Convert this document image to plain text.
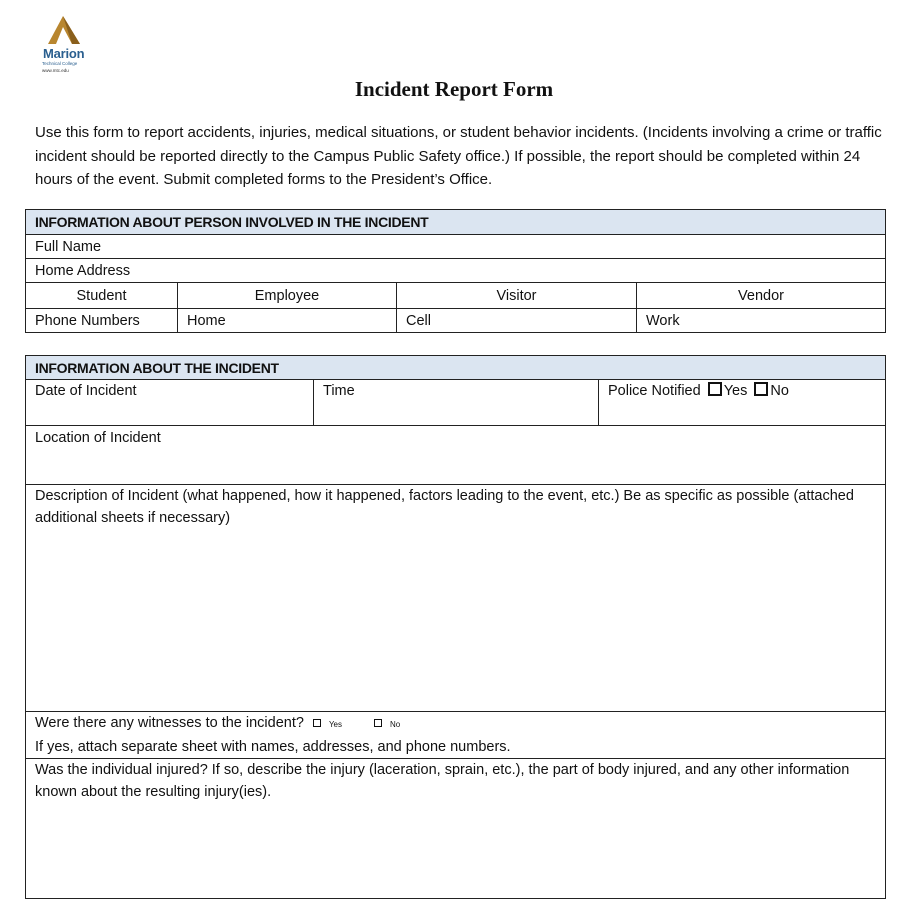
Marion
Technical College
www.mtc.edu
Incident Report Form
Use this form to report accidents, injuries, medical situations, or student behavior incidents. (Incidents involving a crime or traffic incident should be reported directly to the Campus Public Safety office.) If possible, the report should be completed within 24 hours of the event. Submit completed forms to the President’s Office.
INFORMATION ABOUT PERSON INVOLVED IN THE INCIDENT			
Full Name			
Home Address			
Student	Employee	Visitor	Vendor
Phone Numbers	Home	Cell	Work
INFORMATION ABOUT THE INCIDENT
Date of Incident	Time	Police Notified Yes No
Location of Incident
Description of Incident (what happened, how it happened, factors leading to the event, etc.) Be as specific as possible (attached additional sheets if necessary)
Were there any witnesses to the incident?	Yes	No
If yes, attach separate sheet with names, addresses, and phone numbers.
Was the individual injured? If so, describe the injury (laceration, sprain, etc.), the part of body injured, and any other information known about the resulting injury(ies).
